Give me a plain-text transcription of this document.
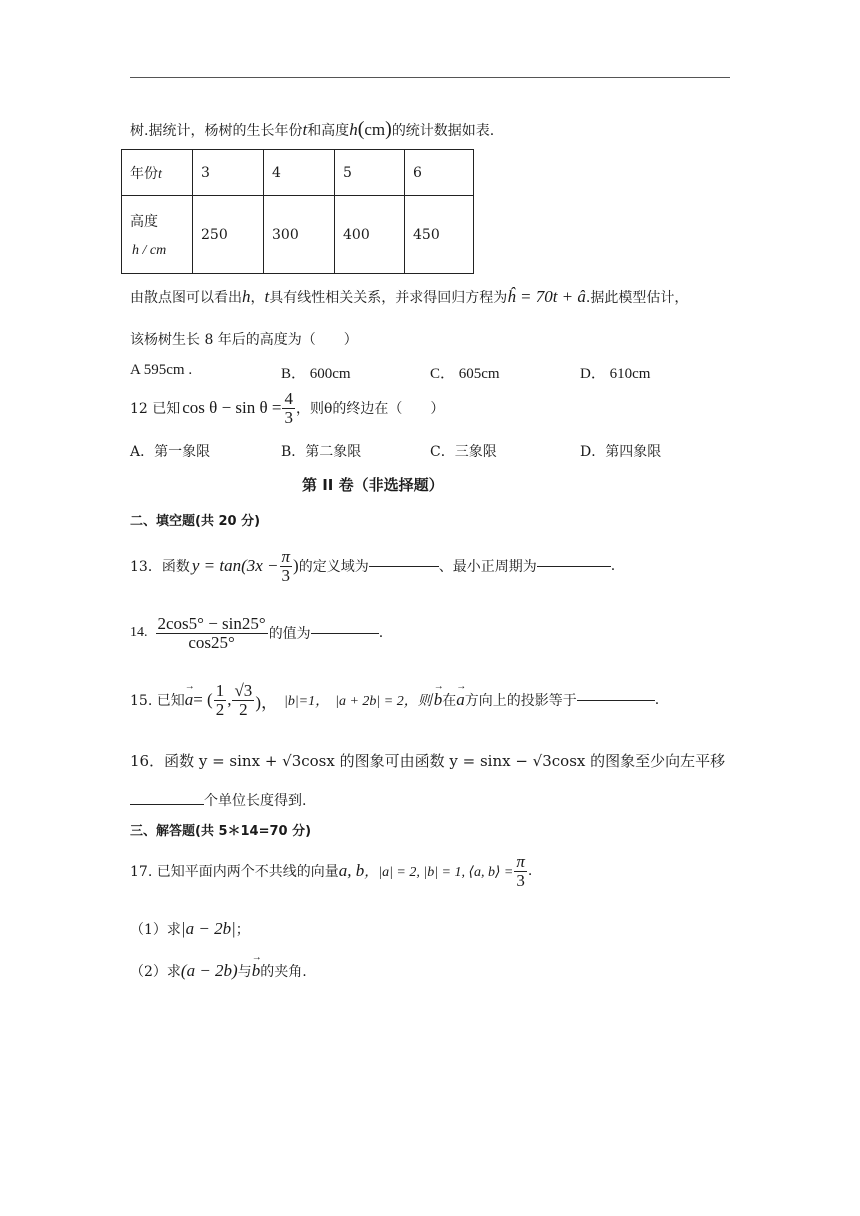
树.据统计，杨树的生长年份t和高度h(cm)的统计数据如表.
年份t	3	4	5	6

高度
h / cm	250	300	400	450
由散点图可以看出h，t具有线性相关关系，并求得回归方程为ĥ = 70t + â.据此模型估计，
该杨树生长 8 年后的高度为（　　）
A 595cm .	B． 600cm	C． 605cm	D． 610cm
12 已知 $\cos \theta - \sin \theta = \frac{4}{3}$ ，则θ的终边在（　　）
A．第一象限	B．第二象限	C．三象限	D．第四象限
第 II 卷（非选择题）
二、填空题(共 20 分)
13．函数 $y = \tan(3x - \frac{\pi}{3}$ ) 的定义域为	、最小正周期为	.
14. $\frac{2\cos 5^\circ - \sin 25^\circ}{\cos 25^\circ}$ 的值为	.
15. 已知 → a = ( $\frac{1}{2}$ , $\frac{√3}{2}$ )， |b|=1， |a + 2b| = 2，则 → b 在 → a 方向上的投影等于	.
16．函数 y = sinx + √3cosx 的图象可由函数 y = sinx − √3cosx 的图象至少向左平移
个单位长度得到.
三、解答题(共 5＊14=70 分)
17. 已知平面内两个不共线的向量 a, b ，|a| = 2, |b| = 1, ⟨a, b⟩ = $\frac{\pi}{3}$ .
（1）求|a − 2b|；
（2）求(a − 2b)与→ b的夹角.
